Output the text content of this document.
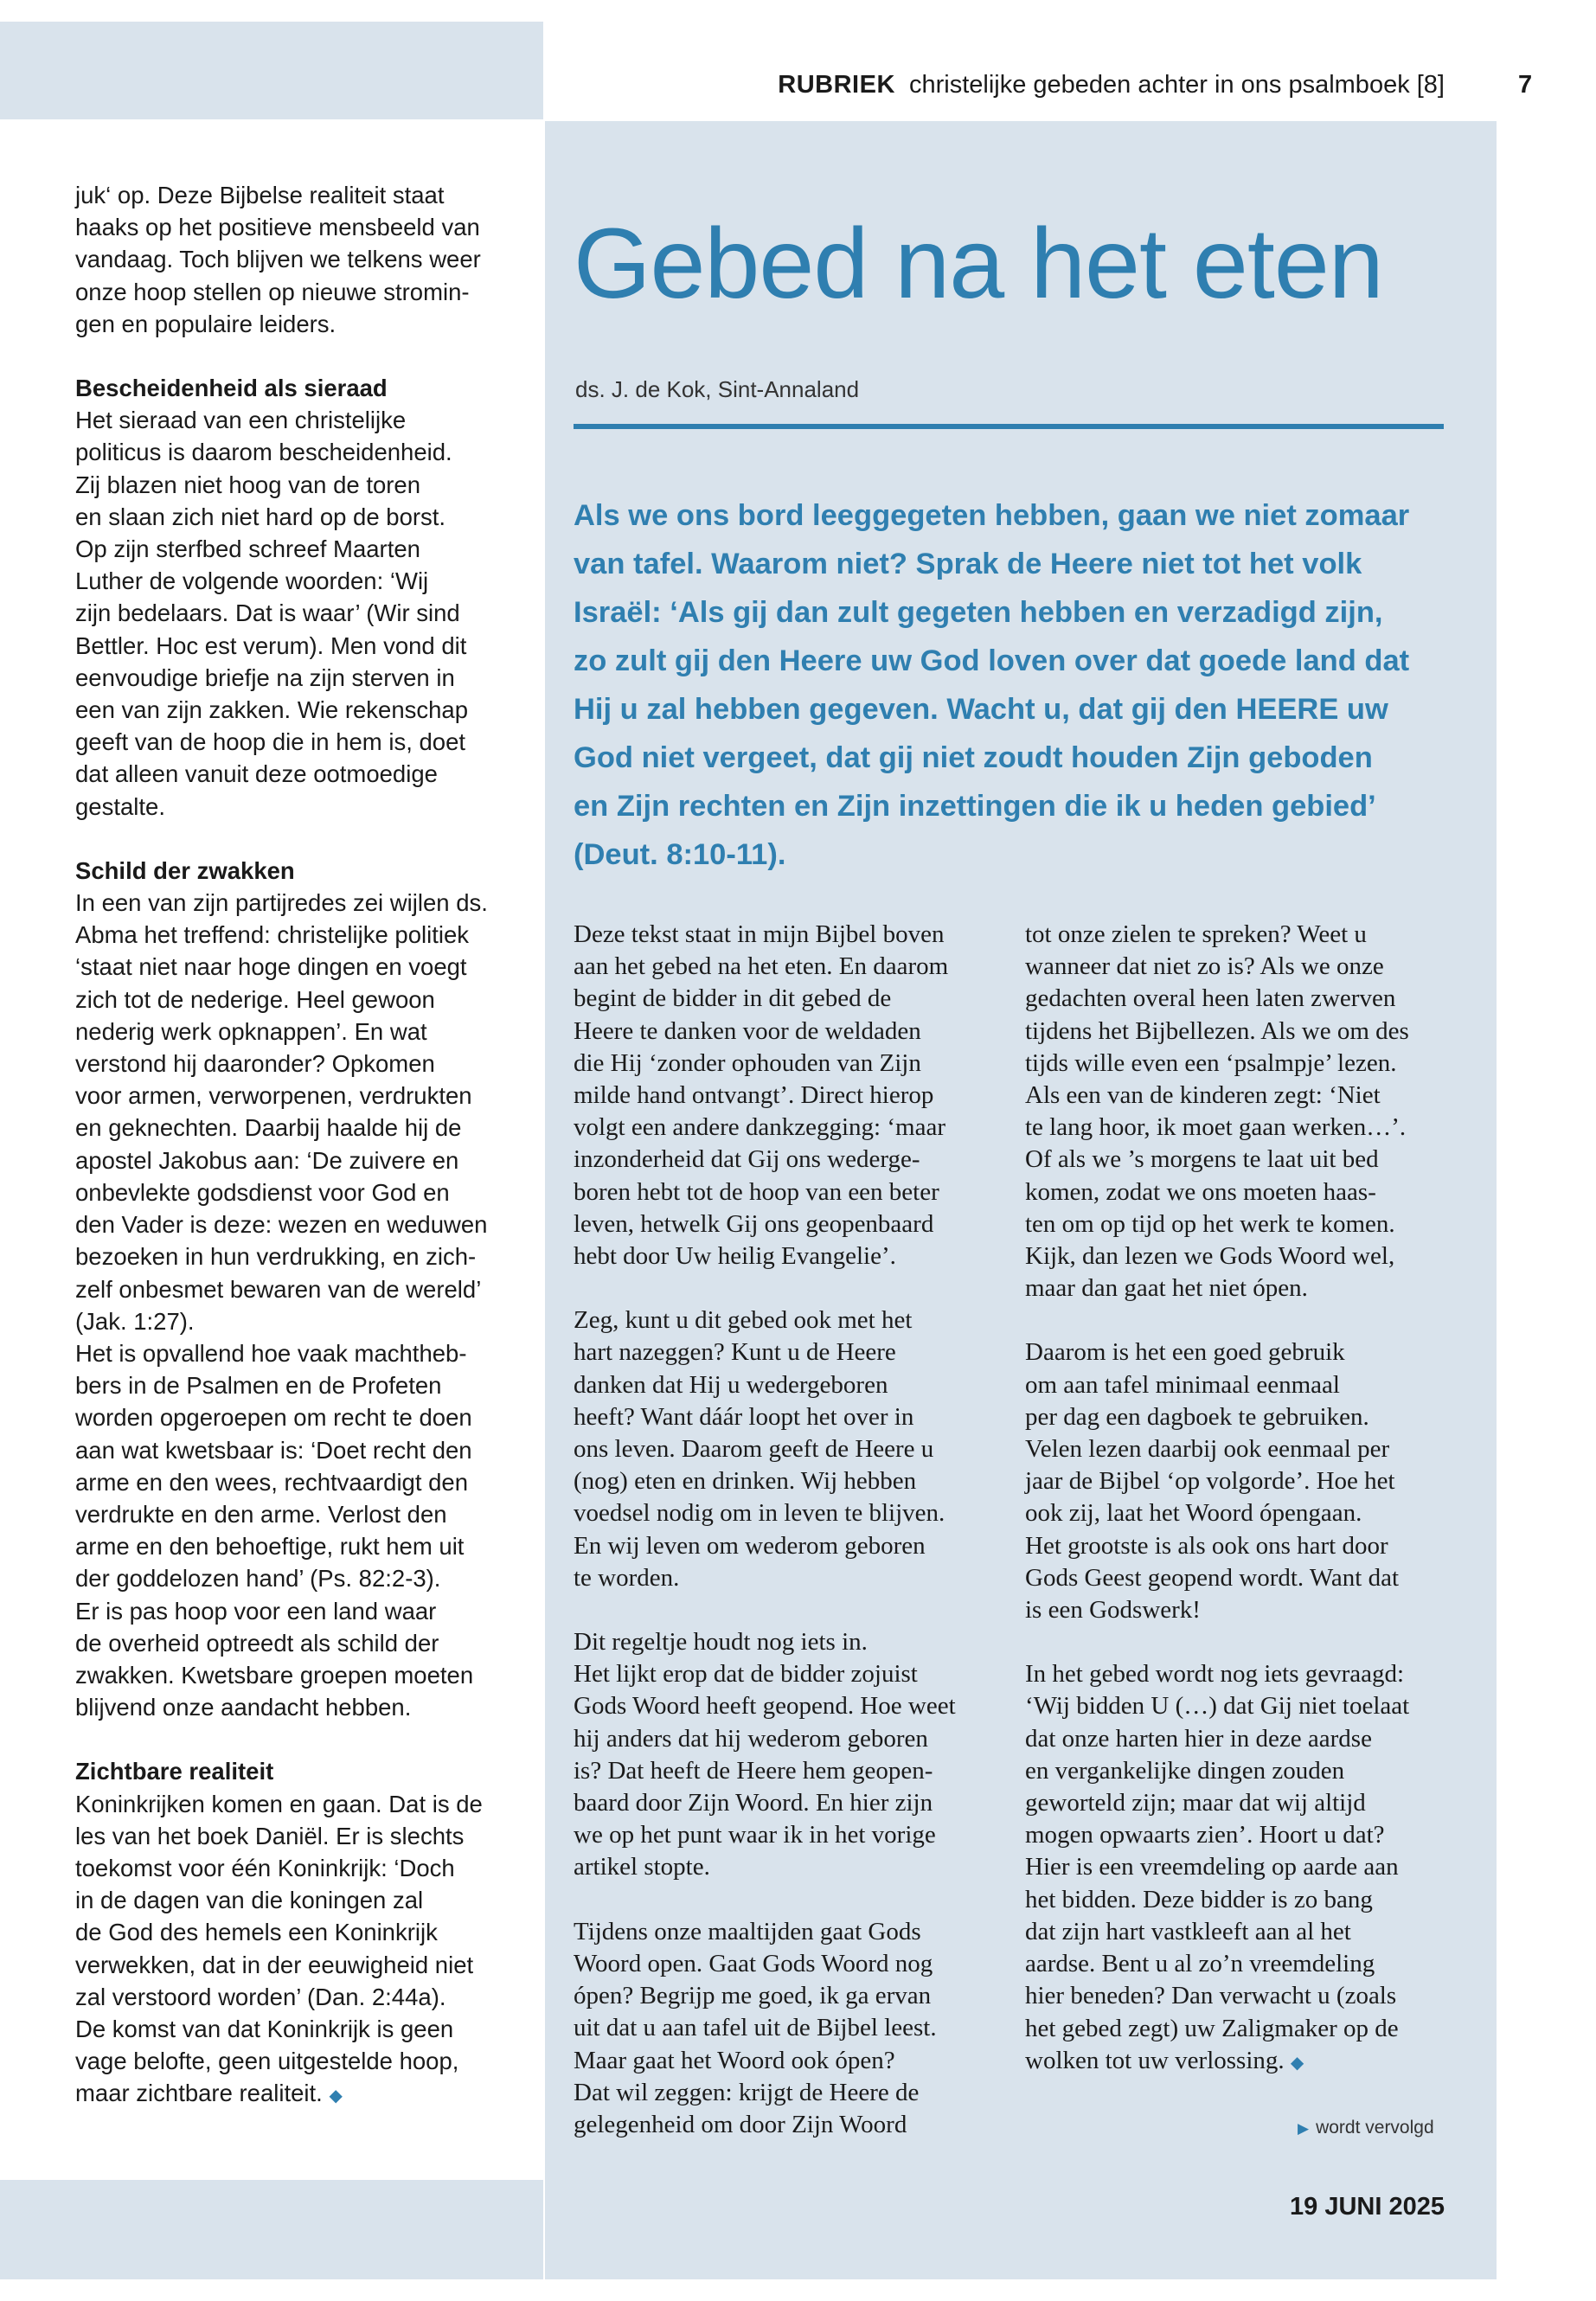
RUBRIEK christelijke gebeden achter in ons psalmboek [8]	7

juk‘ op. Deze Bijbelse realiteit staat
haaks op het positieve mensbeeld van
vandaag. Toch blijven we telkens weer
onze hoop stellen op nieuwe stromin-
gen en populaire leiders.

Bescheidenheid als sieraad

Het sieraad van een christelijke
politicus is daarom bescheidenheid.
Zij blazen niet hoog van de toren
en slaan zich niet hard op de borst.
Op zijn sterfbed schreef Maarten
Luther de volgende woorden: ‘Wij
zijn bedelaars. Dat is waar’ (Wir sind
Bettler. Hoc est verum). Men vond dit
eenvoudige briefje na zijn sterven in
een van zijn zakken. Wie rekenschap
geeft van de hoop die in hem is, doet
dat alleen vanuit deze ootmoedige
gestalte.

Schild der zwakken

In een van zijn partijredes zei wijlen ds.
Abma het treffend: christelijke politiek
‘staat niet naar hoge dingen en voegt
zich tot de nederige. Heel gewoon
nederig werk opknappen’. En wat
verstond hij daaronder? Opkomen
voor armen, verworpenen, verdrukten
en geknechten. Daarbij haalde hij de
apostel Jakobus aan: ‘De zuivere en
onbevlekte godsdienst voor God en
den Vader is deze: wezen en weduwen
bezoeken in hun verdrukking, en zich-
zelf onbesmet bewaren van de wereld’
(Jak. 1:27).
Het is opvallend hoe vaak machtheb-
bers in de Psalmen en de Profeten
worden opgeroepen om recht te doen
aan wat kwetsbaar is: ‘Doet recht den
arme en den wees, rechtvaardigt den
verdrukte en den arme. Verlost den
arme en den behoeftige, rukt hem uit
der goddelozen hand’ (Ps. 82:2-3).
Er is pas hoop voor een land waar
de overheid optreedt als schild der
zwakken. Kwetsbare groepen moeten
blijvend onze aandacht hebben.

Zichtbare realiteit

Koninkrijken komen en gaan. Dat is de
les van het boek Daniël. Er is slechts
toekomst voor één Koninkrijk: ‘Doch
in de dagen van die koningen zal
de God des hemels een Koninkrijk
verwekken, dat in der eeuwigheid niet
zal verstoord worden’ (Dan. 2:44a).
De komst van dat Koninkrijk is geen
vage belofte, geen uitgestelde hoop,
maar zichtbare realiteit. ◆

Gebed na het eten
ds. J. de Kok, Sint-Annaland

Als we ons bord leeggegeten hebben, gaan we niet zomaar
van tafel. Waarom niet? Sprak de Heere niet tot het volk
Israël: ‘Als gij dan zult gegeten hebben en verzadigd zijn,
zo zult gij den Heere uw God loven over dat goede land dat
Hij u zal hebben gegeven. Wacht u, dat gij den HEERE uw
God niet vergeet, dat gij niet zoudt houden Zijn geboden
en Zijn rechten en Zijn inzettingen die ik u heden gebied’
(Deut. 8:10-11).

Deze tekst staat in mijn Bijbel boven
aan het gebed na het eten. En daarom
begint de bidder in dit gebed de
Heere te danken voor de weldaden
die Hij ‘zonder ophouden van Zijn
milde hand ontvangt’. Direct hierop
volgt een andere dankzegging: ‘maar
inzonderheid dat Gij ons wederge-
boren hebt tot de hoop van een beter
leven, hetwelk Gij ons geopenbaard
hebt door Uw heilig Evangelie’.

Zeg, kunt u dit gebed ook met het
hart nazeggen? Kunt u de Heere
danken dat Hij u wedergeboren
heeft? Want dáár loopt het over in
ons leven. Daarom geeft de Heere u
(nog) eten en drinken. Wij hebben
voedsel nodig om in leven te blijven.
En wij leven om wederom geboren
te worden.

Dit regeltje houdt nog iets in.
Het lijkt erop dat de bidder zojuist
Gods Woord heeft geopend. Hoe weet
hij anders dat hij wederom geboren
is? Dat heeft de Heere hem geopen-
baard door Zijn Woord. En hier zijn
we op het punt waar ik in het vorige
artikel stopte.

Tijdens onze maaltijden gaat Gods
Woord open. Gaat Gods Woord nog
ópen? Begrijp me goed, ik ga ervan
uit dat u aan tafel uit de Bijbel leest.
Maar gaat het Woord ook ópen?
Dat wil zeggen: krijgt de Heere de
gelegenheid om door Zijn Woord

tot onze zielen te spreken? Weet u
wanneer dat niet zo is? Als we onze
gedachten overal heen laten zwerven
tijdens het Bijbellezen. Als we om des
tijds wille even een ‘psalmpje’ lezen.
Als een van de kinderen zegt: ‘Niet
te lang hoor, ik moet gaan werken…’.
Of als we ’s morgens te laat uit bed
komen, zodat we ons moeten haas-
ten om op tijd op het werk te komen.
Kijk, dan lezen we Gods Woord wel,
maar dan gaat het niet ópen.

Daarom is het een goed gebruik
om aan tafel minimaal eenmaal
per dag een dagboek te gebruiken.
Velen lezen daarbij ook eenmaal per
jaar de Bijbel ‘op volgorde’. Hoe het
ook zij, laat het Woord ópengaan.
Het grootste is als ook ons hart door
Gods Geest geopend wordt. Want dat
is een Godswerk!

In het gebed wordt nog iets gevraagd:
‘Wij bidden U (…) dat Gij niet toelaat
dat onze harten hier in deze aardse
en vergankelijke dingen zouden
geworteld zijn; maar dat wij altijd
mogen opwaarts zien’. Hoort u dat?
Hier is een vreemdeling op aarde aan
het bidden. Deze bidder is zo bang
dat zijn hart vastkleeft aan al het
aardse. Bent u al zo’n vreemdeling
hier beneden? Dan verwacht u (zoals
het gebed zegt) uw Zaligmaker op de
wolken tot uw verlossing. ◆

▶ wordt vervolgd
19 JUNI 2025
